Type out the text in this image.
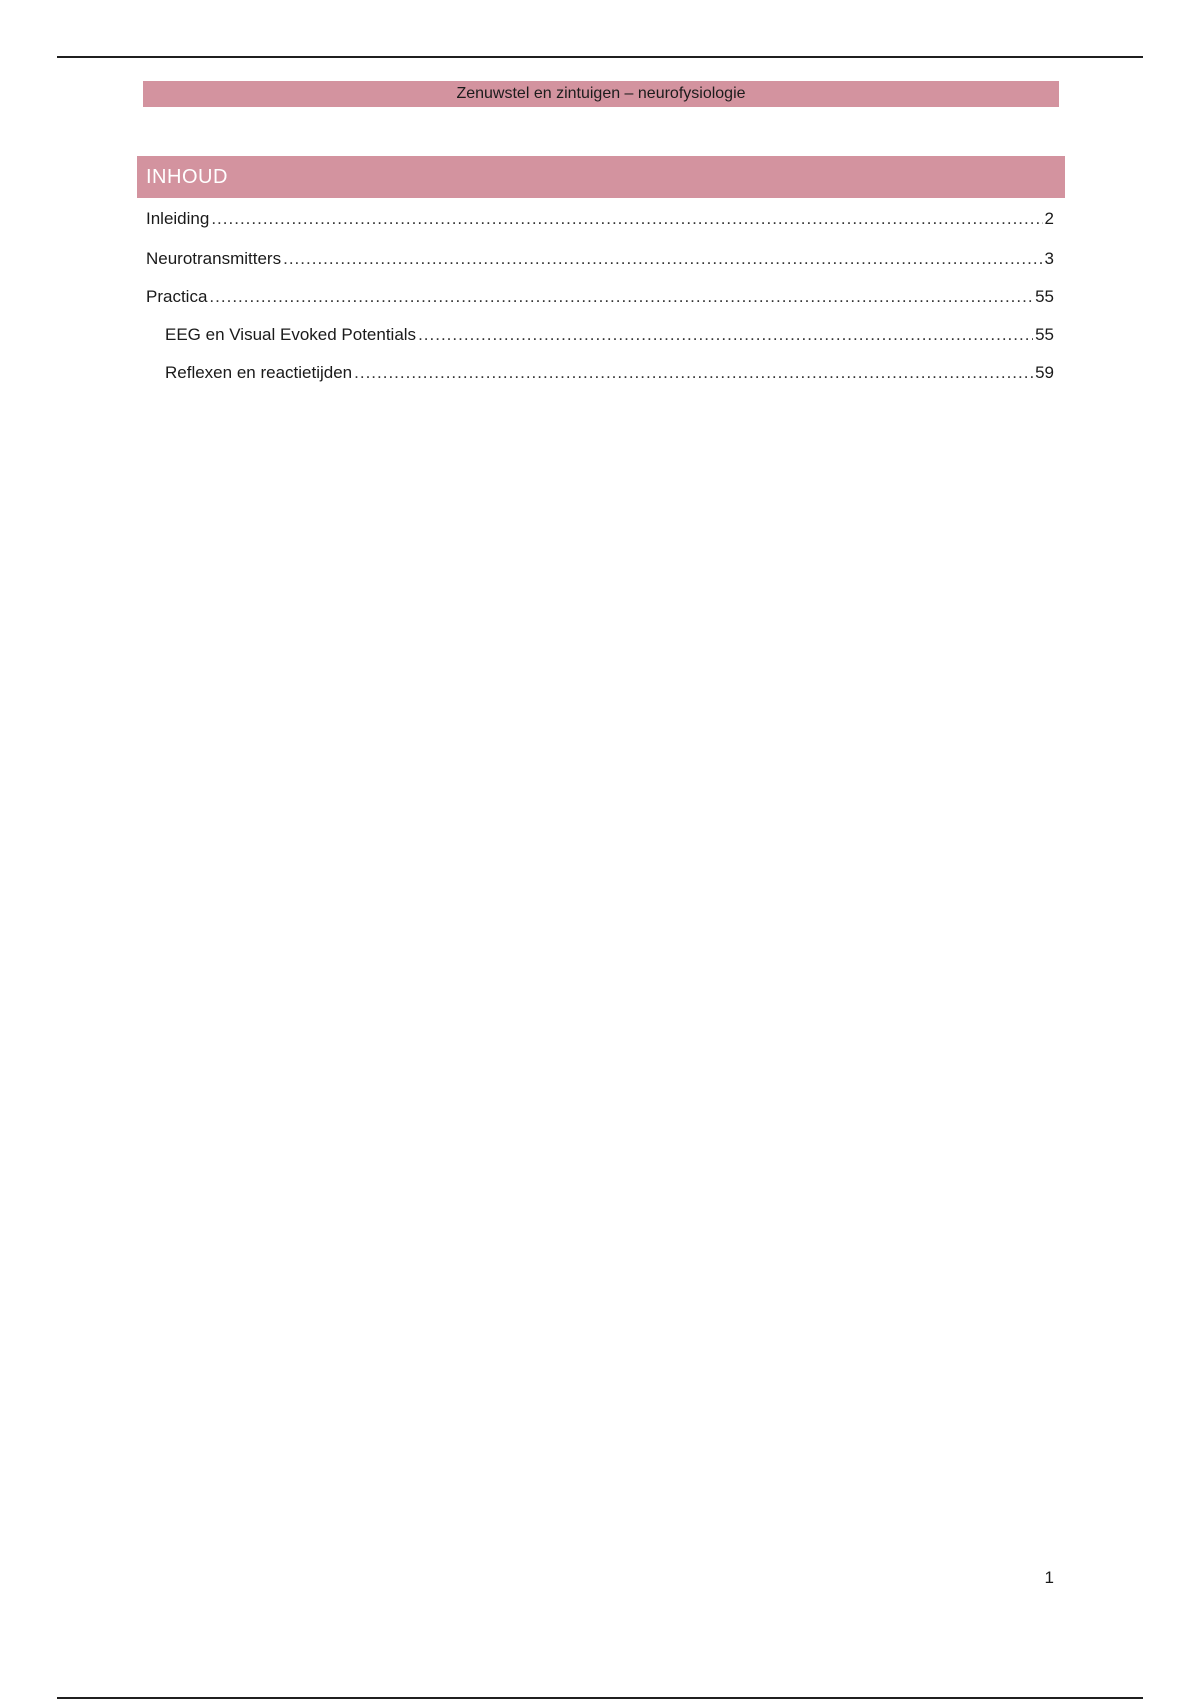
Zenuwstel en zintuigen – neurofysiologie
INHOUD
Inleiding .....	2
Neurotransmitters .....	3
Practica .....	55
EEG en Visual Evoked Potentials .....	55
Reflexen en reactietijden .....	59
1
